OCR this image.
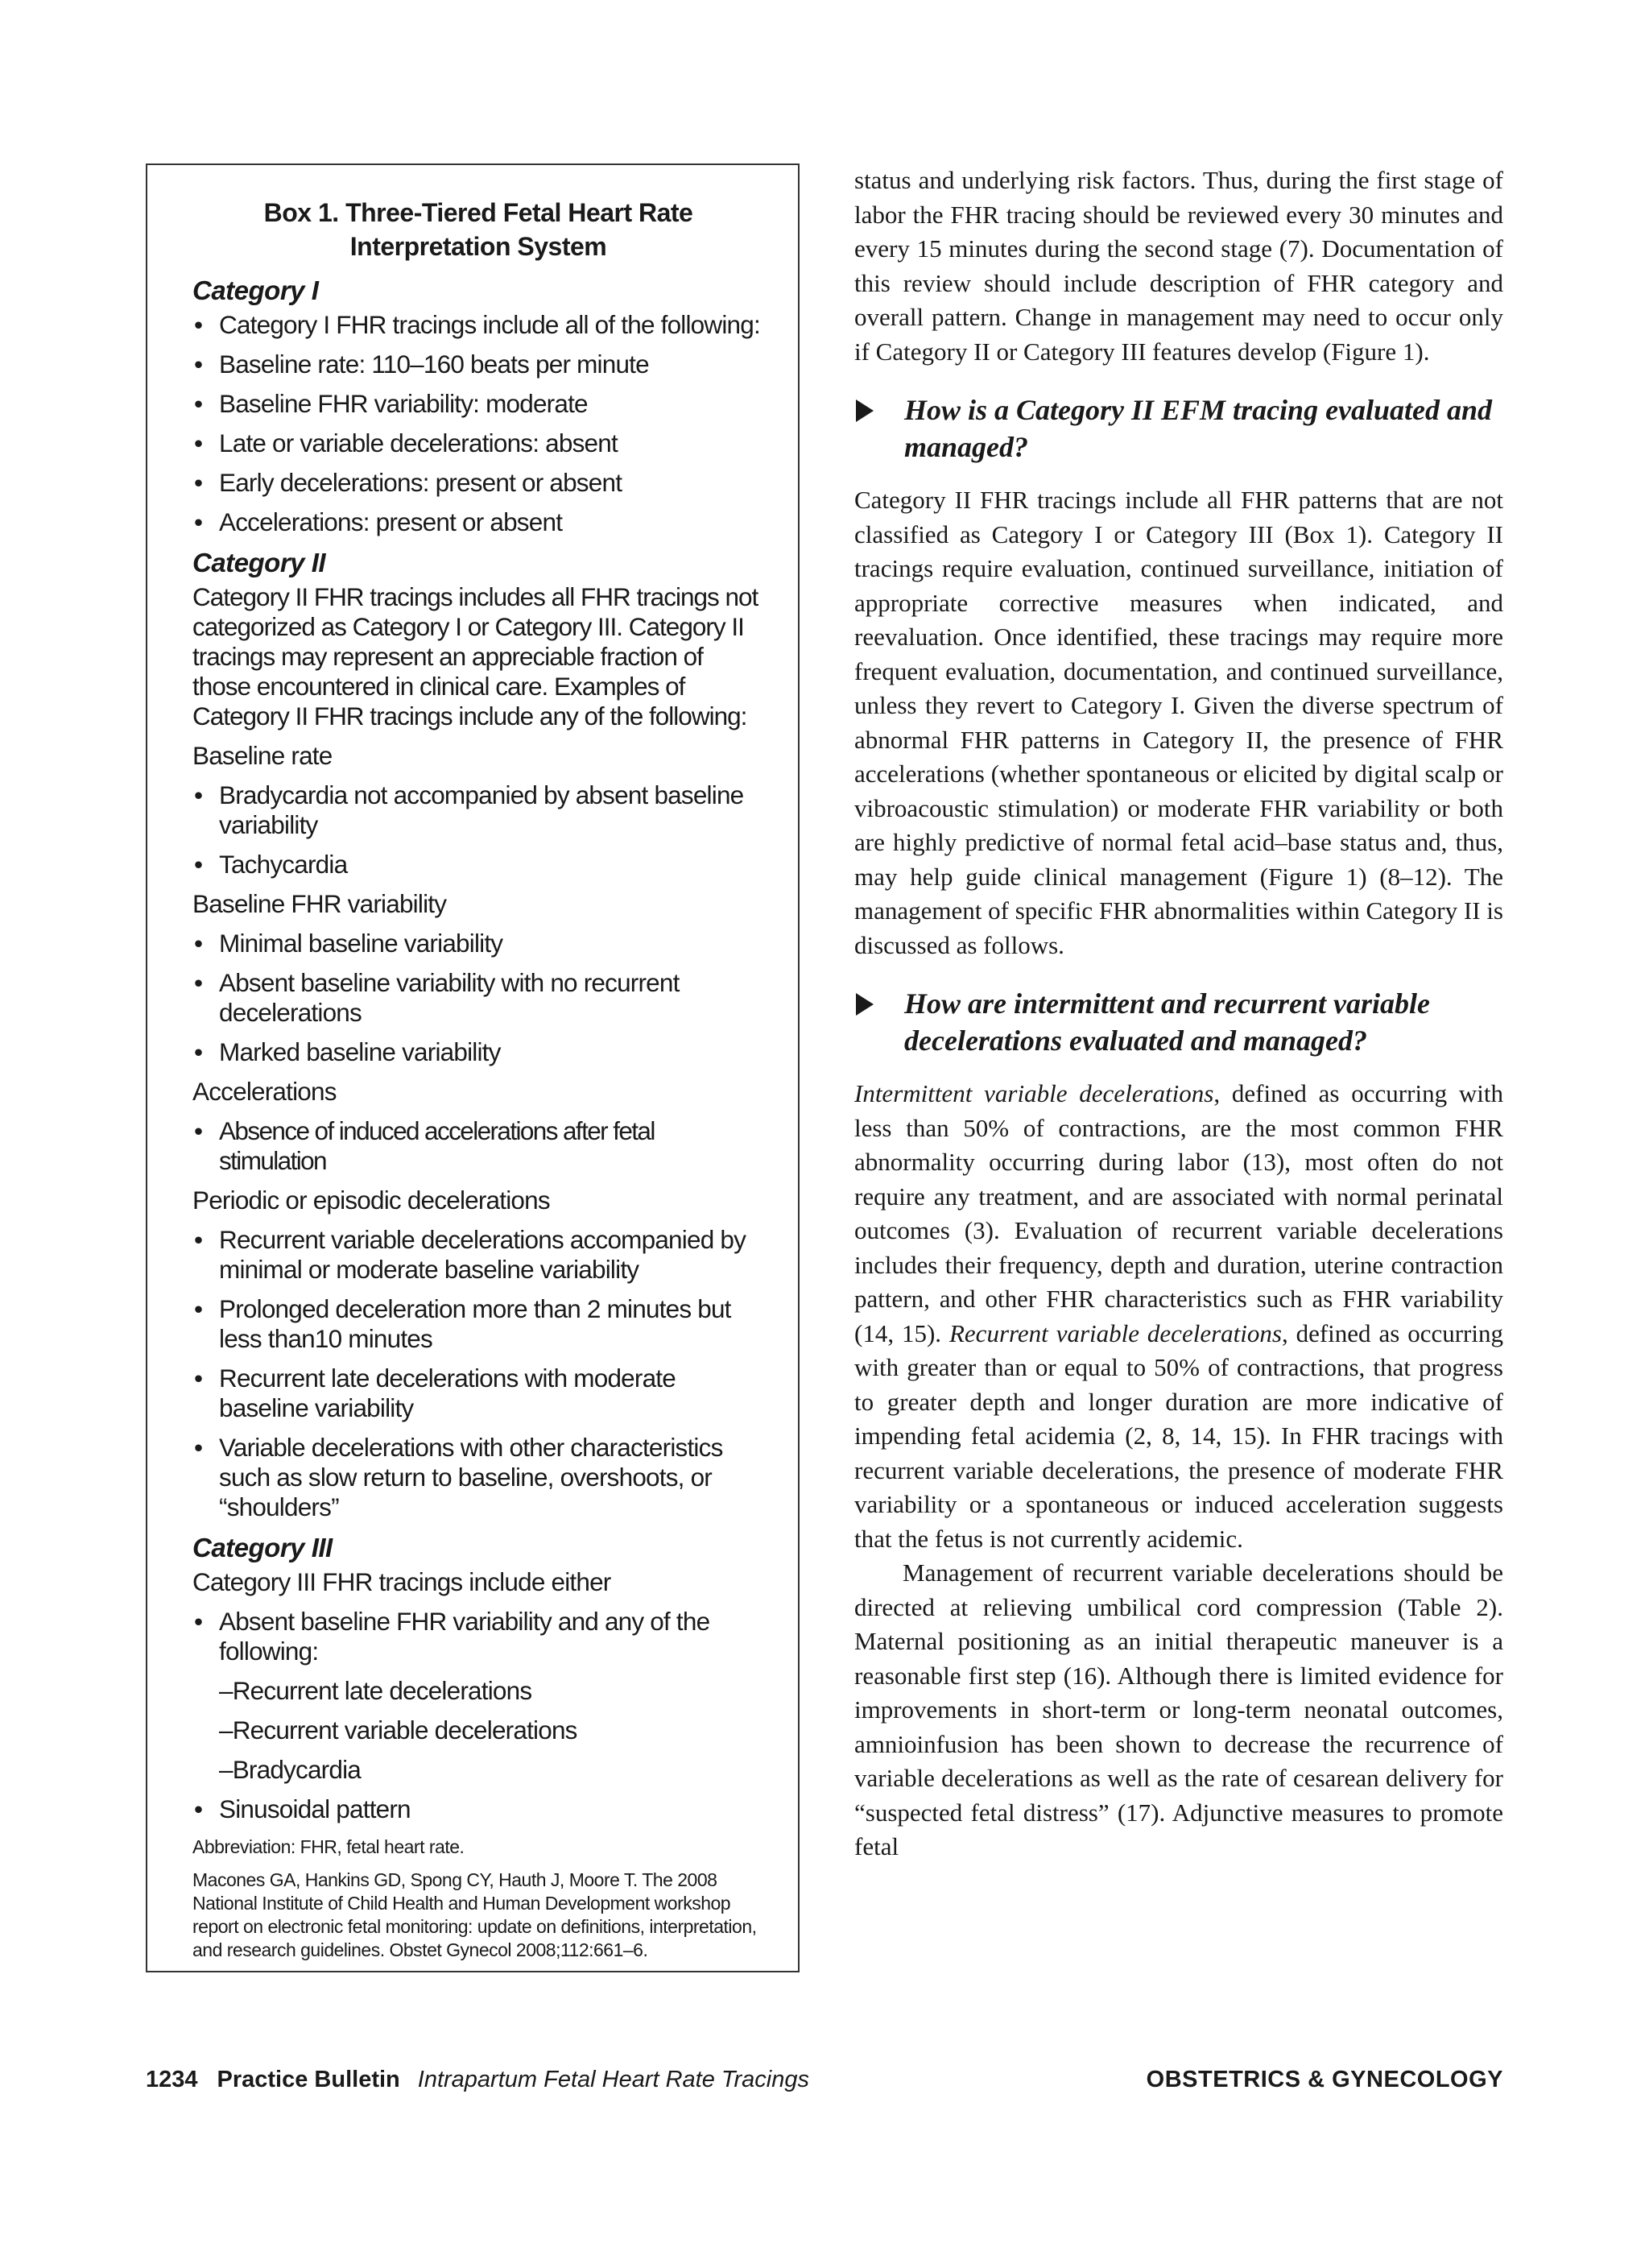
Box 1. Three-Tiered Fetal Heart Rate
Interpretation System
Category I
• Category I FHR tracings include all of the following:
• Baseline rate: 110–160 beats per minute
• Baseline FHR variability: moderate
• Late or variable decelerations: absent
• Early decelerations: present or absent
• Accelerations: present or absent
Category II
Category II FHR tracings includes all FHR tracings not categorized as Category I or Category III. Category II tracings may represent an appreciable fraction of those encountered in clinical care. Examples of Category II FHR tracings include any of the following:
Baseline rate
• Bradycardia not accompanied by absent baseline variability
• Tachycardia
Baseline FHR variability
• Minimal baseline variability
• Absent baseline variability with no recurrent decelerations
• Marked baseline variability
Accelerations
• Absence of induced accelerations after fetal stimulation
Periodic or episodic decelerations
• Recurrent variable decelerations accompanied by minimal or moderate baseline variability
• Prolonged deceleration more than 2 minutes but less than10 minutes
• Recurrent late decelerations with moderate baseline variability
• Variable decelerations with other characteristics such as slow return to baseline, overshoots, or “shoulders”
Category III
Category III FHR tracings include either
• Absent baseline FHR variability and any of the following:
–Recurrent late decelerations
–Recurrent variable decelerations
–Bradycardia
• Sinusoidal pattern
Abbreviation: FHR, fetal heart rate.
Macones GA, Hankins GD, Spong CY, Hauth J, Moore T. The 2008 National Institute of Child Health and Human Development workshop report on electronic fetal monitoring: update on definitions, interpretation, and research guidelines. Obstet Gynecol 2008;112:661–6.

status and underlying risk factors. Thus, during the first stage of labor the FHR tracing should be reviewed every 30 minutes and every 15 minutes during the second stage (7). Documentation of this review should include description of FHR category and overall pattern. Change in management may need to occur only if Category II or Category III features develop (Figure 1).

How is a Category II EFM tracing evaluated and managed?

Category II FHR tracings include all FHR patterns that are not classified as Category I or Category III (Box 1). Category II tracings require evaluation, continued surveillance, initiation of appropriate corrective measures when indicated, and reevaluation. Once identified, these tracings may require more frequent evaluation, documentation, and continued surveillance, unless they revert to Category I. Given the diverse spectrum of abnormal FHR patterns in Category II, the presence of FHR accelerations (whether spontaneous or elicited by digital scalp or vibroacoustic stimulation) or moderate FHR variability or both are highly predictive of normal fetal acid–base status and, thus, may help guide clinical management (Figure 1) (8–12). The management of specific FHR abnormalities within Category II is discussed as follows.

How are intermittent and recurrent variable decelerations evaluated and managed?

Intermittent variable decelerations, defined as occurring with less than 50% of contractions, are the most common FHR abnormality occurring during labor (13), most often do not require any treatment, and are associated with normal perinatal outcomes (3). Evaluation of recurrent variable decelerations includes their frequency, depth and duration, uterine contraction pattern, and other FHR characteristics such as FHR variability (14, 15). Recurrent variable decelerations, defined as occurring with greater than or equal to 50% of contractions, that progress to greater depth and longer duration are more indicative of impending fetal acidemia (2, 8, 14, 15). In FHR tracings with recurrent variable decelerations, the presence of moderate FHR variability or a spontaneous or induced acceleration suggests that the fetus is not currently acidemic.

Management of recurrent variable decelerations should be directed at relieving umbilical cord compression (Table 2). Maternal positioning as an initial therapeutic maneuver is a reasonable first step (16). Although there is limited evidence for improvements in short-term or long-term neonatal outcomes, amnioinfusion has been shown to decrease the recurrence of variable decelerations as well as the rate of cesarean delivery for “suspected fetal distress” (17). Adjunctive measures to promote fetal

1234 Practice Bulletin Intrapartum Fetal Heart Rate Tracings	OBSTETRICS & GYNECOLOGY
